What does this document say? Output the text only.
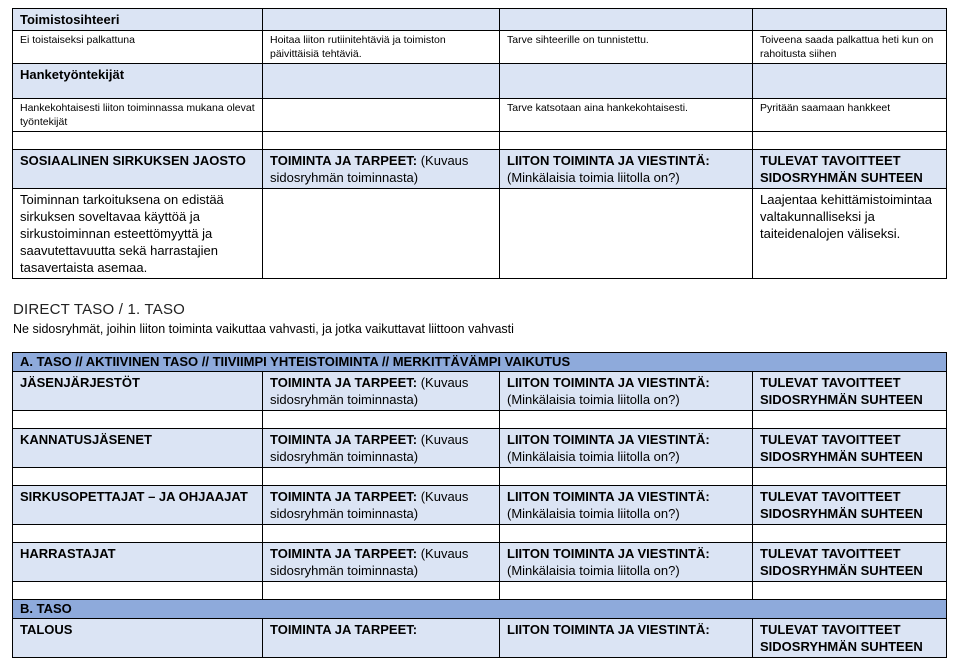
Toimistosihteeri			
Ei toistaiseksi palkattuna	Hoitaa liiton rutiinitehtäviä ja toimiston päivittäisiä tehtäviä.	Tarve sihteerille on tunnistettu.	Toiveena saada palkattua heti kun on rahoitusta siihen
Hanketyöntekijät			
Hankekohtaisesti liiton toiminnassa mukana olevat työntekijät		Tarve katsotaan aina hankekohtaisesti.	Pyritään saamaan hankkeet

SOSIAALINEN SIRKUKSEN JAOSTO	TOIMINTA JA TARPEET: (Kuvaus sidosryhmän toiminnasta)	LIITON TOIMINTA JA VIESTINTÄ: (Minkälaisia toimia liitolla on?)	TULEVAT TAVOITTEET SIDOSRYHMÄN SUHTEEN
Toiminnan tarkoituksena on edistää sirkuksen soveltavaa käyttöä ja sirkustoiminnan esteettömyyttä ja saavutettavuutta sekä harrastajien tasavertaista asemaa.			Laajentaa kehittämistoimintaa valtakunnalliseksi ja taiteidenalojen väliseksi.
DIRECT TASO / 1. TASO
Ne sidosryhmät, joihin liiton toiminta vaikuttaa vahvasti, ja jotka vaikuttavat liittoon vahvasti
A. TASO // AKTIIVINEN TASO // TIIVIIMPI YHTEISTOIMINTA // MERKITTÄVÄMPI VAIKUTUS			
JÄSENJÄRJESTÖT	TOIMINTA JA TARPEET: (Kuvaus sidosryhmän toiminnasta)	LIITON TOIMINTA JA VIESTINTÄ: (Minkälaisia toimia liitolla on?)	TULEVAT TAVOITTEET SIDOSRYHMÄN SUHTEEN

KANNATUSJÄSENET	TOIMINTA JA TARPEET: (Kuvaus sidosryhmän toiminnasta)	LIITON TOIMINTA JA VIESTINTÄ: (Minkälaisia toimia liitolla on?)	TULEVAT TAVOITTEET SIDOSRYHMÄN SUHTEEN

SIRKUSOPETTAJAT – JA OHJAAJAT	TOIMINTA JA TARPEET: (Kuvaus sidosryhmän toiminnasta)	LIITON TOIMINTA JA VIESTINTÄ: (Minkälaisia toimia liitolla on?)	TULEVAT TAVOITTEET SIDOSRYHMÄN SUHTEEN

HARRASTAJAT	TOIMINTA JA TARPEET: (Kuvaus sidosryhmän toiminnasta)	LIITON TOIMINTA JA VIESTINTÄ: (Minkälaisia toimia liitolla on?)	TULEVAT TAVOITTEET SIDOSRYHMÄN SUHTEEN

B. TASO			
TALOUS	TOIMINTA JA TARPEET:	LIITON TOIMINTA JA VIESTINTÄ:	TULEVAT TAVOITTEET SIDOSRYHMÄN SUHTEEN
